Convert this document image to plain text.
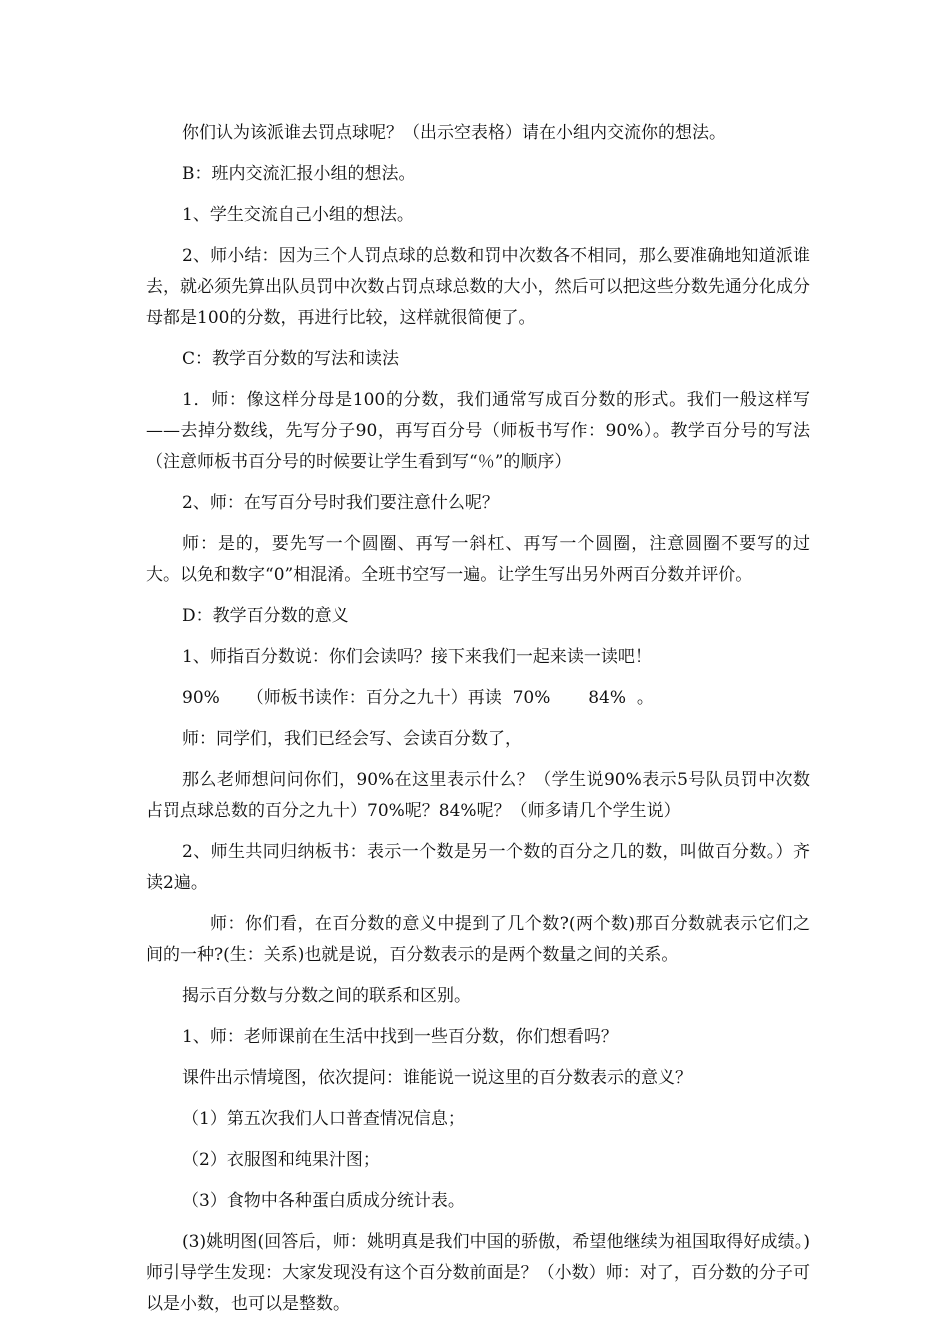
你们认为该派谁去罚点球呢？（出示空表格）请在小组内交流你的想法。

B：班内交流汇报小组的想法。

1、学生交流自己小组的想法。

2、师小结：因为三个人罚点球的总数和罚中次数各不相同，那么要准确地知道派谁去，就必须先算出队员罚中次数占罚点球总数的大小，然后可以把这些分数先通分化成分母都是100的分数，再进行比较，这样就很简便了。

C：教学百分数的写法和读法

1．师：像这样分母是100的分数，我们通常写成百分数的形式。我们一般这样写——去掉分数线，先写分子90，再写百分号（师板书写作：90%）。教学百分号的写法（注意师板书百分号的时候要让学生看到写“％”的顺序）

2、师：在写百分号时我们要注意什么呢？

师：是的，要先写一个圆圈、再写一斜杠、再写一个圆圈，注意圆圈不要写的过大。以免和数字“0”相混淆。全班书空写一遍。让学生写出另外两百分数并评价。

D：教学百分数的意义

1、师指百分数说：你们会读吗？接下来我们一起来读一读吧！

90%     （师板书读作：百分之九十）再读  70%       84%  。

师：同学们，我们已经会写、会读百分数了，

那么老师想问问你们，90%在这里表示什么？（学生说90%表示5号队员罚中次数占罚点球总数的百分之九十）70%呢？84%呢？（师多请几个学生说）

2、师生共同归纳板书：表示一个数是另一个数的百分之几的数，叫做百分数。）齐读2遍。

师：你们看，在百分数的意义中提到了几个数?(两个数)那百分数就表示它们之间的一种?(生：关系)也就是说，百分数表示的是两个数量之间的关系。

揭示百分数与分数之间的联系和区别。

1、师：老师课前在生活中找到一些百分数，你们想看吗？

课件出示情境图，依次提问：谁能说一说这里的百分数表示的意义？

（1）第五次我们人口普查情况信息；

（2）衣服图和纯果汁图；

（3）食物中各种蛋白质成分统计表。

(3)姚明图(回答后，师：姚明真是我们中国的骄傲，希望他继续为祖国取得好成绩。)师引导学生发现：大家发现没有这个百分数前面是？（小数）师：对了，百分数的分子可以是小数，也可以是整数。
